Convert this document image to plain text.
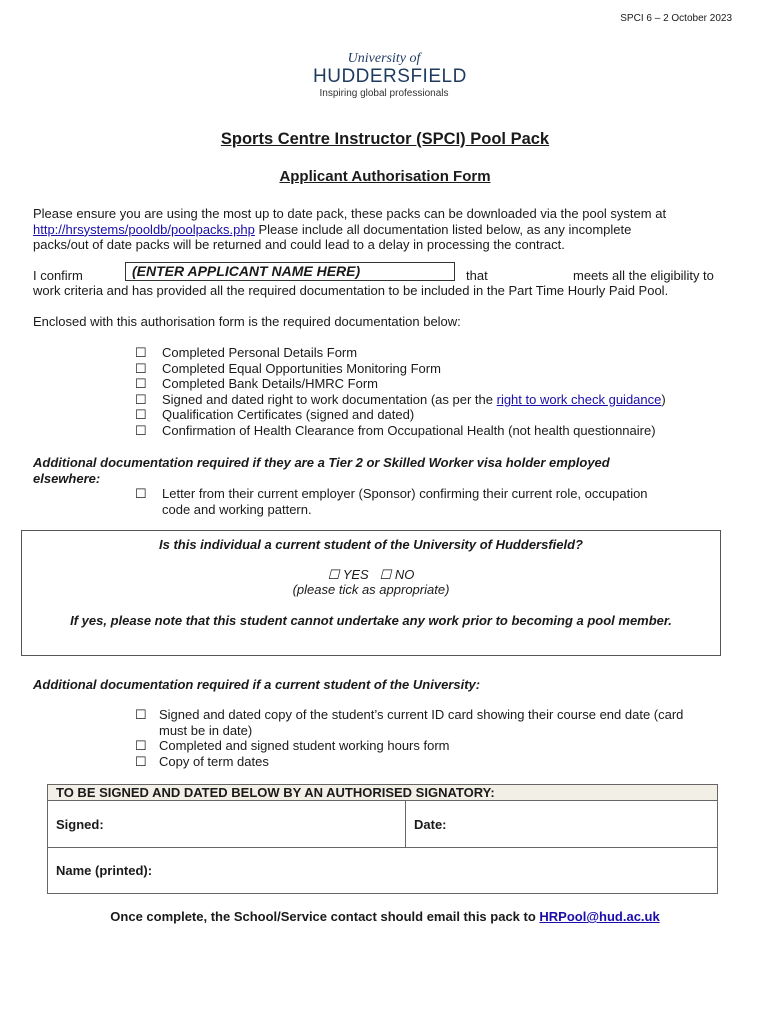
SPCI 6 – 2 October 2023
University of
HUDDERSFIELD
Inspiring global professionals
Sports Centre Instructor (SPCI) Pool Pack
Applicant Authorisation Form
Please ensure you are using the most up to date pack, these packs can be downloaded via the pool system at
http://hrsystems/pooldb/poolpacks.php Please include all documentation listed below, as any incomplete
packs/out of date packs will be returned and could lead to a delay in processing the contract.
I confirm	(ENTER APPLICANT NAME HERE)	that	meets all the eligibility to
work criteria and has provided all the required documentation to be included in the Part Time Hourly Paid Pool.
Enclosed with this authorisation form is the required documentation below:
☐	Completed Personal Details Form
☐	Completed Equal Opportunities Monitoring Form
☐	Completed Bank Details/HMRC Form
☐	Signed and dated right to work documentation (as per the right to work check guidance)
☐	Qualification Certificates (signed and dated)
☐	Confirmation of Health Clearance from Occupational Health (not health questionnaire)
Additional documentation required if they are a Tier 2 or Skilled Worker visa holder employed
elsewhere:
☐	Letter from their current employer (Sponsor) confirming their current role, occupation
code and working pattern.
Is this individual a current student of the University of Huddersfield?
☐ YES ☐ NO
(please tick as appropriate)
If yes, please note that this student cannot undertake any work prior to becoming a pool member.
Additional documentation required if a current student of the University:
☐ Signed and dated copy of the student’s current ID card showing their course end date (card
must be in date)
☐ Completed and signed student working hours form
☐ Copy of term dates
TO BE SIGNED AND DATED BELOW BY AN AUTHORISED SIGNATORY:
Signed:	Date:
Name (printed):
Once complete, the School/Service contact should email this pack to HRPool@hud.ac.uk
